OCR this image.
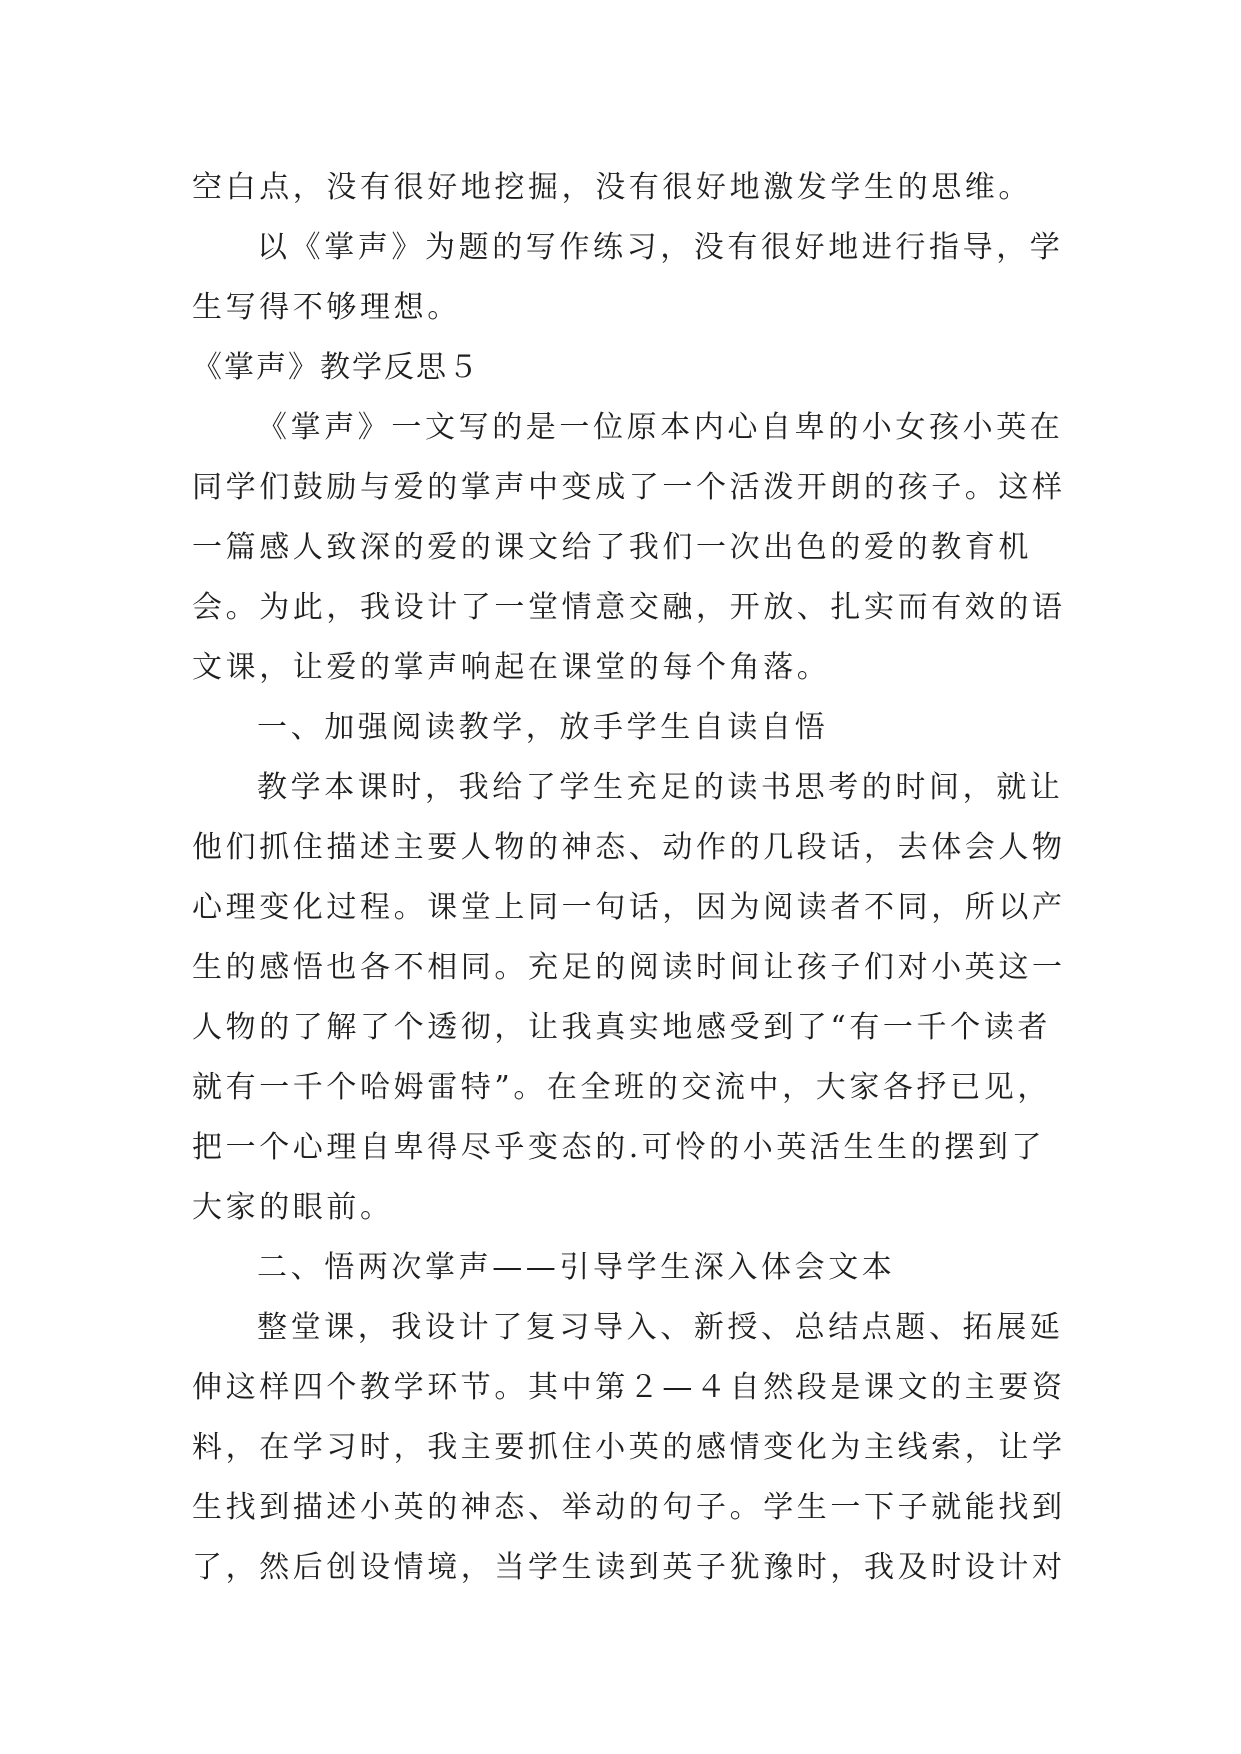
空白点，没有很好地挖掘，没有很好地激发学生的思维。
以《掌声》为题的写作练习，没有很好地进行指导，学
生写得不够理想。
《掌声》教学反思５
《掌声》一文写的是一位原本内心自卑的小女孩小英在
同学们鼓励与爱的掌声中变成了一个活泼开朗的孩子。这样
一篇感人致深的爱的课文给了我们一次出色的爱的教育机
会。为此，我设计了一堂情意交融，开放、扎实而有效的语
文课，让爱的掌声响起在课堂的每个角落。
一、加强阅读教学，放手学生自读自悟
教学本课时，我给了学生充足的读书思考的时间，就让
他们抓住描述主要人物的神态、动作的几段话，去体会人物
心理变化过程。课堂上同一句话，因为阅读者不同，所以产
生的感悟也各不相同。充足的阅读时间让孩子们对小英这一
人物的了解了个透彻，让我真实地感受到了“有一千个读者
就有一千个哈姆雷特”。在全班的交流中，大家各抒已见，
把一个心理自卑得尽乎变态的.可怜的小英活生生的摆到了
大家的眼前。
二、悟两次掌声——引导学生深入体会文本
整堂课，我设计了复习导入、新授、总结点题、拓展延
伸这样四个教学环节。其中第２—４自然段是课文的主要资
料，在学习时，我主要抓住小英的感情变化为主线索，让学
生找到描述小英的神态、举动的句子。学生一下子就能找到
了，然后创设情境，当学生读到英子犹豫时，我及时设计对
